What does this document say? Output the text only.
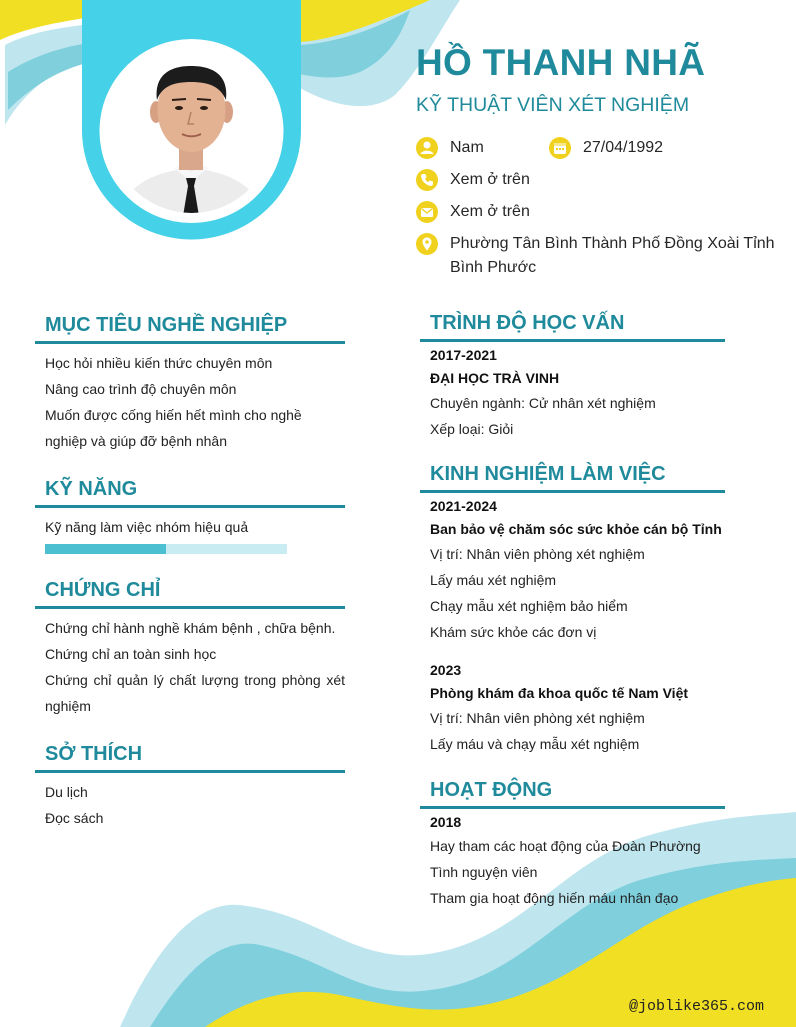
HỒ THANH NHÃ
KỸ THUẬT VIÊN XÉT NGHIỆM
Nam	27/04/1992
Xem ở trên
Xem ở trên
Phường Tân Bình Thành Phố Đồng Xoài Tỉnh Bình Phước
MỤC TIÊU NGHỀ NGHIỆP
Học hỏi nhiều kiến thức chuyên môn
Nâng cao trình độ chuyên môn
Muốn được cống hiến hết mình cho nghề nghiệp và giúp đỡ bệnh nhân
KỸ NĂNG
Kỹ năng làm việc nhóm hiệu quả
CHỨNG CHỈ
Chứng chỉ hành nghề khám bệnh , chữa bệnh.
Chứng chỉ an toàn sinh học
Chứng chỉ quản lý chất lượng trong phòng xét nghiệm
SỞ THÍCH
Du lịch
Đọc sách
TRÌNH ĐỘ HỌC VẤN
2017-2021
ĐẠI HỌC TRÀ VINH
Chuyên ngành: Cử nhân xét nghiệm
Xếp loại: Giỏi
KINH NGHIỆM LÀM VIỆC
2021-2024
Ban bảo vệ chăm sóc sức khỏe cán bộ Tỉnh
Vị trí: Nhân viên phòng xét nghiệm
Lấy máu xét nghiệm
Chạy mẫu xét nghiệm bảo hiểm
Khám sức khỏe các đơn vị
2023
Phòng khám đa khoa quốc tế Nam Việt
Vị trí: Nhân viên phòng xét nghiệm
Lấy máu và chạy mẫu xét nghiệm
HOẠT ĐỘNG
2018
Hay tham các hoạt động của Đoàn Phường
Tình nguyện viên
Tham gia hoạt động hiến máu nhân đạo
@joblike365.com
